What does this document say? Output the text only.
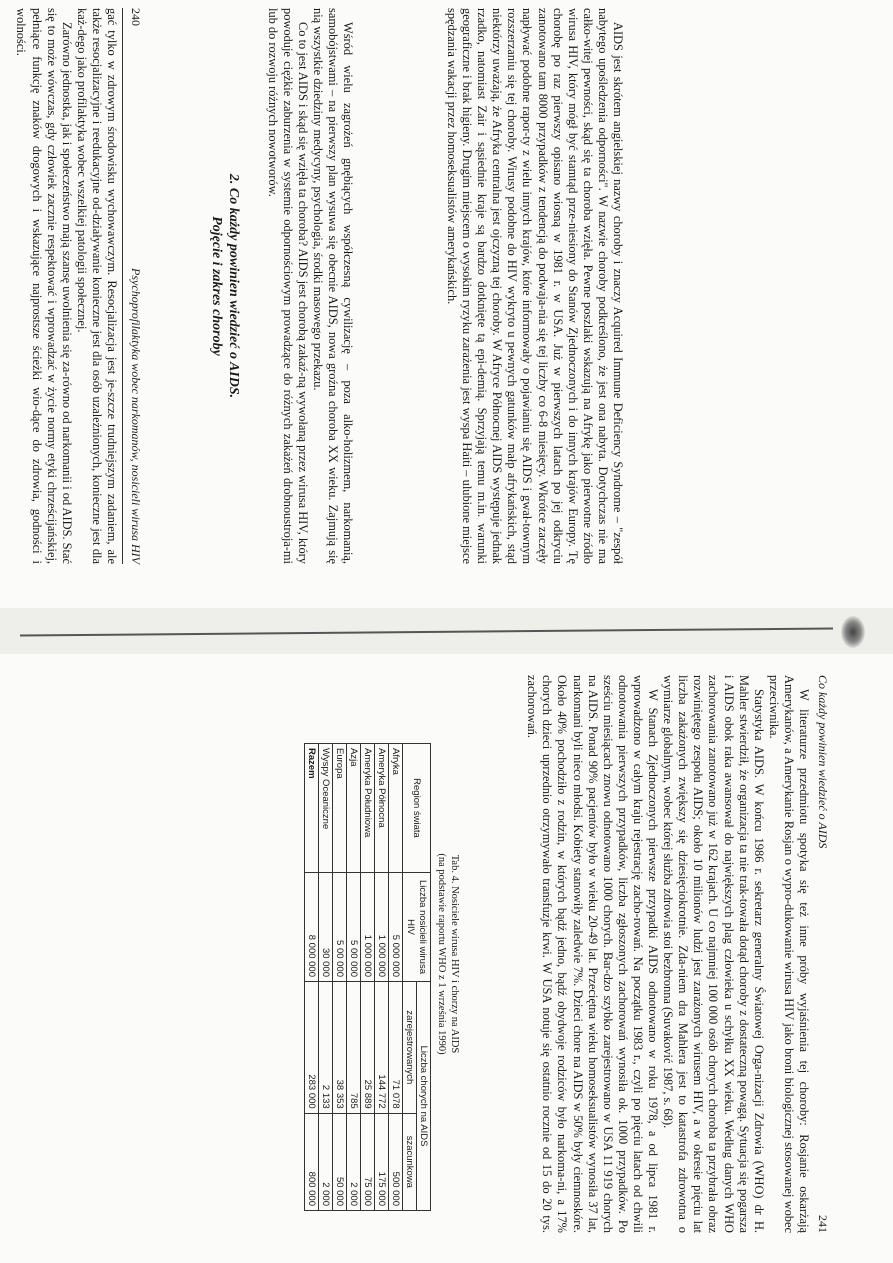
240
Psychoprofilaktyka wobec narkomanów, nosicieli wirusa HIV

gać tylko w zdrowym środowisku wychowawczym. Resocjalizacja jest je-szcze trudniejszym zadaniem, ale także resocjalizacyjne i reedukacyjne od-działywanie konieczne jest dla osób uzależnionych, konieczne jest dla każ-dego jako profilaktyka wobec wszelkiej patologii społecznej.

Zarówno jednostka, jak i społeczeństwo mają szansę uwolnienia się za-równo od narkomanii i od AIDS. Stać się to może wówczas, gdy człowiek zacznie respektować i wprowadzać w życie normy etyki chrześcijańskiej, pełniące funkcję znaków drogowych i wskazujące najprostsze ścieżki wio-dące do zdrowia, godności i wolności.

2. Co każdy powinien wiedzieć o AIDS.
Pojęcie i zakres choroby	Wśród wielu zagrożeń gnębiących współczesną cywilizację – poza alko-holizmem, narkomanią, samobójstwami – na pierwszy plan wysuwa się obecnie AIDS, nowa groźna choroba XX wieku. Zajmują się nią wszystkie dziedziny medycyny, psychologia, środki masowego przekazu.

Co to jest AIDS i skąd się wzięła ta choroba? AIDS jest chorobą zakaź-ną wywołaną przez wirusa HIV, który powoduje ciężkie zaburzenia w systemie odpornościowym prowadzące do różnych zakażeń drobnoustroja-mi lub do rozwoju różnych nowotworów.	AIDS jest skrótem angielskiej nazwy choroby i znaczy Acquired Immune Deficiency Syndrome – "zespół nabytego upośledzenia odporności". W nazwie choroby podkreślono, że jest ona nabyta. Dotychczas nie ma całko-witej pewności, skąd się ta choroba wzięła. Pewne poszlaki wskazują na Afrykę jako pierwotne źródło wirusa HIV, który mógł być stamtąd prze-niesiony do Stanów Zjednoczonych i do innych krajów Europy. Tę chorobę po raz pierwszy opisano wiosną w 1981 r. w USA. Już w pierwszych latach po jej odkryciu zanotowano tam 8000 przypadków z tendencją do podwaja-nia się tej liczby co 6-8 miesięcy. Wkrótce zaczęły napływać podobne rapor-ty z wielu innych krajów, które informowały o pojawianiu się AIDS i gwał-townym rozszerzaniu się tej choroby. Wirusy podobne do HIV wykryto u pewnych gatunków małp afrykańskich, stąd niektórzy uważają, że Afryka centralna jest ojczyzną tej choroby. W Afryce Północnej AIDS występuje jednak rzadko, natomiast Zair i sąsiednie kraje są bardzo dotknięte tą epi-demią. Sprzyjają temu m.in. warunki geograficzne i brak higieny. Drugim miejscem o wysokim ryzyku zarażenia jest wyspa Haiti – ulubione miejsce spędzania wakacji przez homoseksualistów amerykańskich.

Co każdy powinien wiedzieć o AIDS
241

W literaturze przedmiotu spotyka się też inne próby wyjaśnienia tej choroby: Rosjanie oskarżają Amerykanów, a Amerykanie Rosjan o wypro-dukowanie wirusa HIV jako broni biologicznej stosowanej wobec przeciwnika.

Statystyka AIDS. W końcu 1986 r. sekretarz generalny Światowej Orga-nizacji Zdrowia (WHO) dr H. Mahler stwierdził, że organizacja ta nie trak-towała dotąd choroby z dostateczną powagą. Sytuacja się pogarsza i AIDS obok raka awansował do największych plag człowieka u schyłku XX wieku. Według danych WHO zachorowania zanotowano już w 162 krajach. U co najmniej 100 000 osób chorych choroba ta przybrała obraz rozwiniętego zespołu AIDS; około 10 milionów ludzi jest zarażonych wirusem HIV, a w okresie pięciu lat liczba zakażonych zwiększy się dziesięciokrotnie. Zda-niem dra Mahlera jest to katastrofa zdrowotna o wymiarze globalnym, wobec której służba zdrowia stoi bezbronna (Suvaković 1987, s. 68).

W Stanach Zjednoczonych pierwsze przypadki AIDS odnotowano w roku 1978, a od lipca 1981 r. wprowadzono w całym kraju rejestrację zacho-rowań. Na początku 1983 r., czyli po pięciu latach od chwili odnotowania pierwszych przypadków, liczba zgłoszonych zachorowań wynosiła ok. 1000 przypadków. Po sześciu miesiącach znowu odnotowano 1000 chorych. Bar-dzo szybko zarejestrowano w USA 11 919 chorych na AIDS. Ponad 90% pacjentów było w wieku 20-49 lat. Przeciętna wieku homoseksualistów wynosiła 37 lat, narkomani byli nieco młodsi. Kobiety stanowiły zaledwie 7%. Dzieci chore na AIDS w 50% były ciemnoskóre. Około 40% pochodziło z rodzin, w których bądź jedno, bądź obydwoje rodziców było narkoma-ni, a 17% chorych dzieci uprzednio otrzymywało transfuzje krwi. W USA notuje się ostatnio rocznie od 15 do 20 tys. zachorowań.

Tab. 4. Nosiciele wirusa HIV i chorzy na AIDS
(na podstawie raportu WHO z 1 września 1990)
Region świata	Liczba nosicieli wirusa HIV	Liczba chorych na AIDS	
		zarejestrowanych	szacunkowa
Afryka	5 000 000	71 078	500 000
Ameryka Północna	1 000 000	144 772	175 000
Ameryka Południowa	1 000 000	25 889	75 000
Azja	5 00 000	785	2 000
Europa	5 00 000	38 353	50 000
Wyspy Oceaniczne	30 000	2 133	2 000
Razem	8 000 000	283 000	800 000
